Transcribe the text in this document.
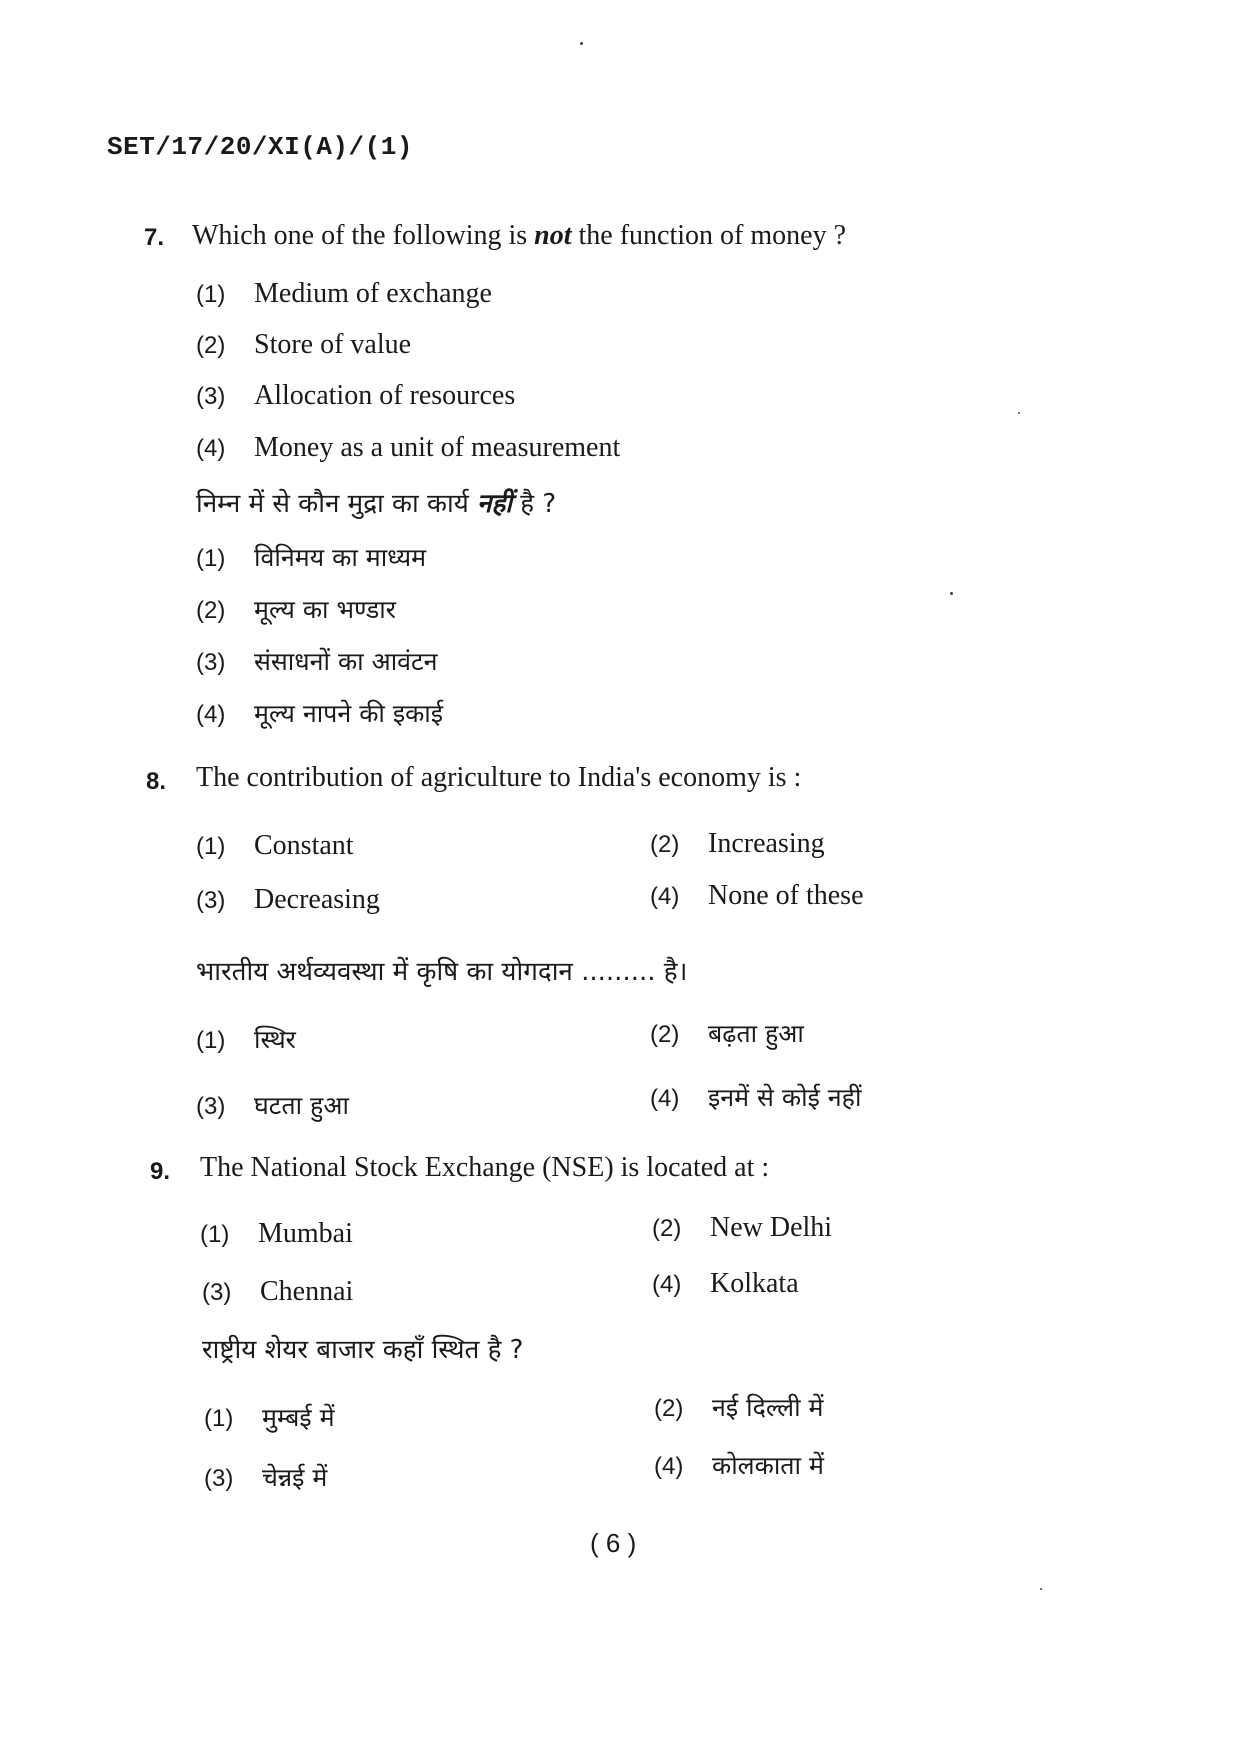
SET/17/20/XI(A)/(1)
7. Which one of the following is not the function of money ?
(1) Medium of exchange
(2) Store of value
(3) Allocation of resources
(4) Money as a unit of measurement
निम्न में से कौन मुद्रा का कार्य नहीं है ?
(1) विनिमय का माध्यम
(2) मूल्य का भण्डार
(3) संसाधनों का आवंटन
(4) मूल्य नापने की इकाई
8. The contribution of agriculture to India's economy is :
(1) Constant	(2) Increasing
(3) Decreasing	(4) None of these
भारतीय अर्थव्यवस्था में कृषि का योगदान ......... है।
(1) स्थिर	(2) बढ़ता हुआ
(3) घटता हुआ	(4) इनमें से कोई नहीं
9. The National Stock Exchange (NSE) is located at :
(1) Mumbai	(2) New Delhi
(3) Chennai	(4) Kolkata
राष्ट्रीय शेयर बाजार कहाँ स्थित है ?
(1) मुम्बई में	(2) नई दिल्ली में
(3) चेन्नई में	(4) कोलकाता में
( 6 )
